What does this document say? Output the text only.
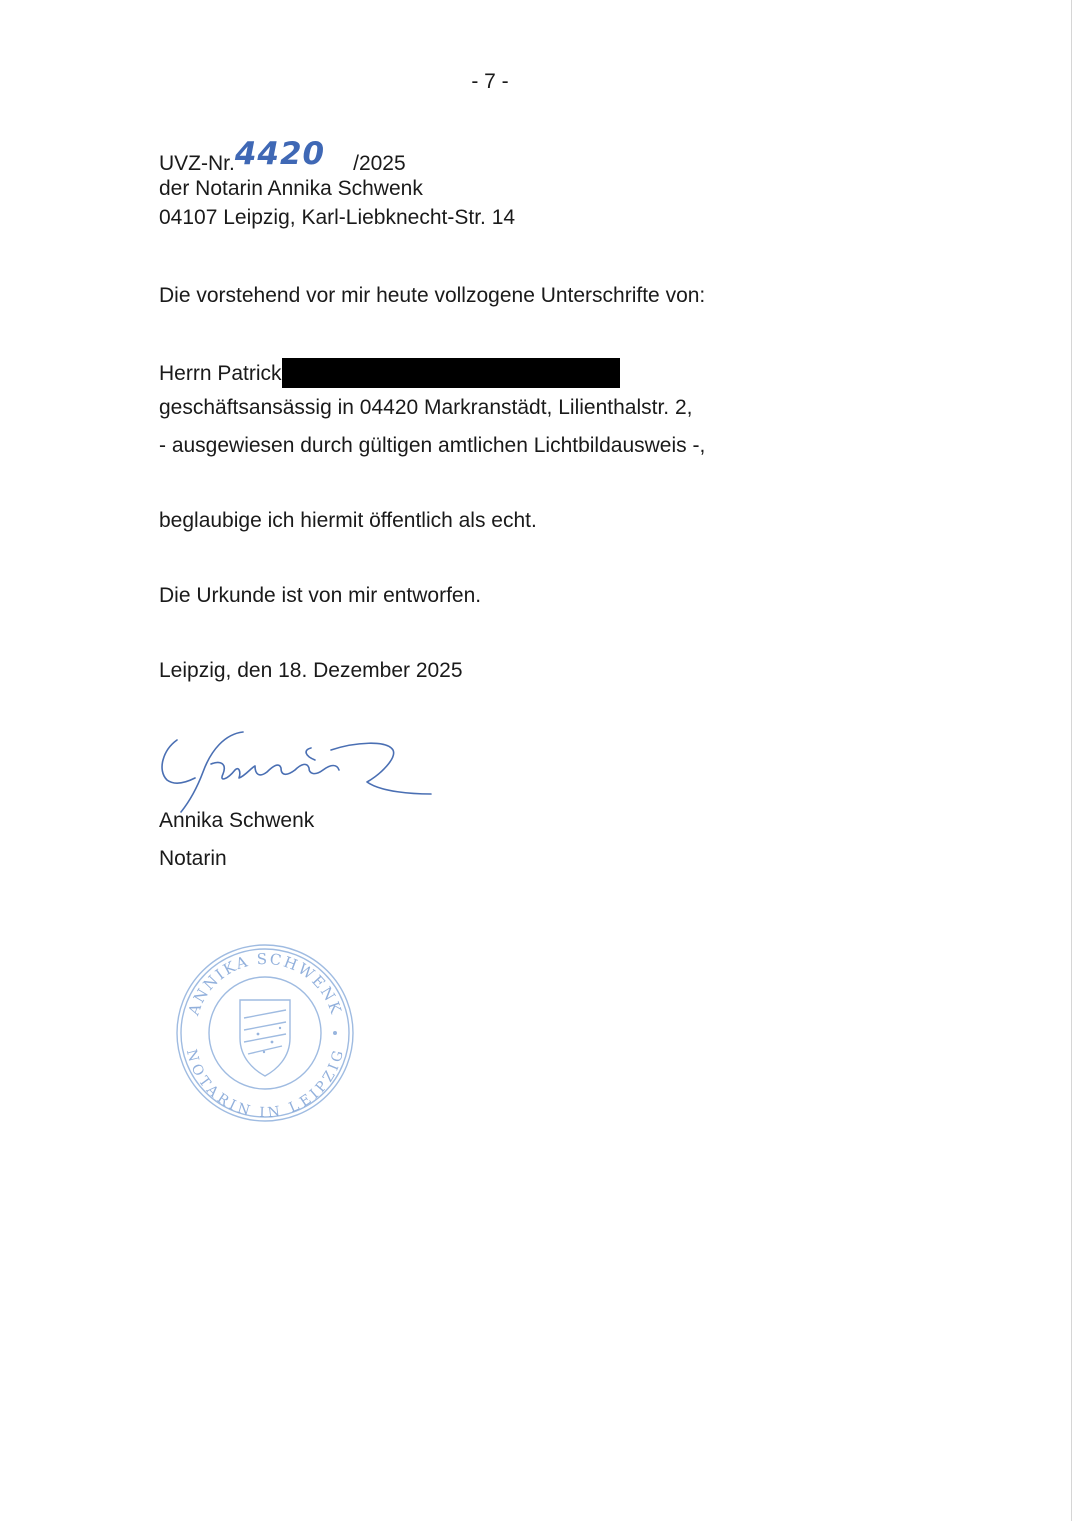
- 7 -
UVZ-Nr.4420 /2025
der Notarin Annika Schwenk
04107 Leipzig, Karl-Liebknecht-Str. 14
Die vorstehend vor mir heute vollzogene Unterschrifte von:
Herrn Patrick
geschäftsansässig in 04420 Markranstädt, Lilienthalstr. 2,
- ausgewiesen durch gültigen amtlichen Lichtbildausweis -,
beglaubige ich hiermit öffentlich als echt.
Die Urkunde ist von mir entworfen.
Leipzig, den 18. Dezember 2025
Annika Schwenk
Notarin
ANNIKA SCHWENK
NOTARIN IN LEIPZIG
